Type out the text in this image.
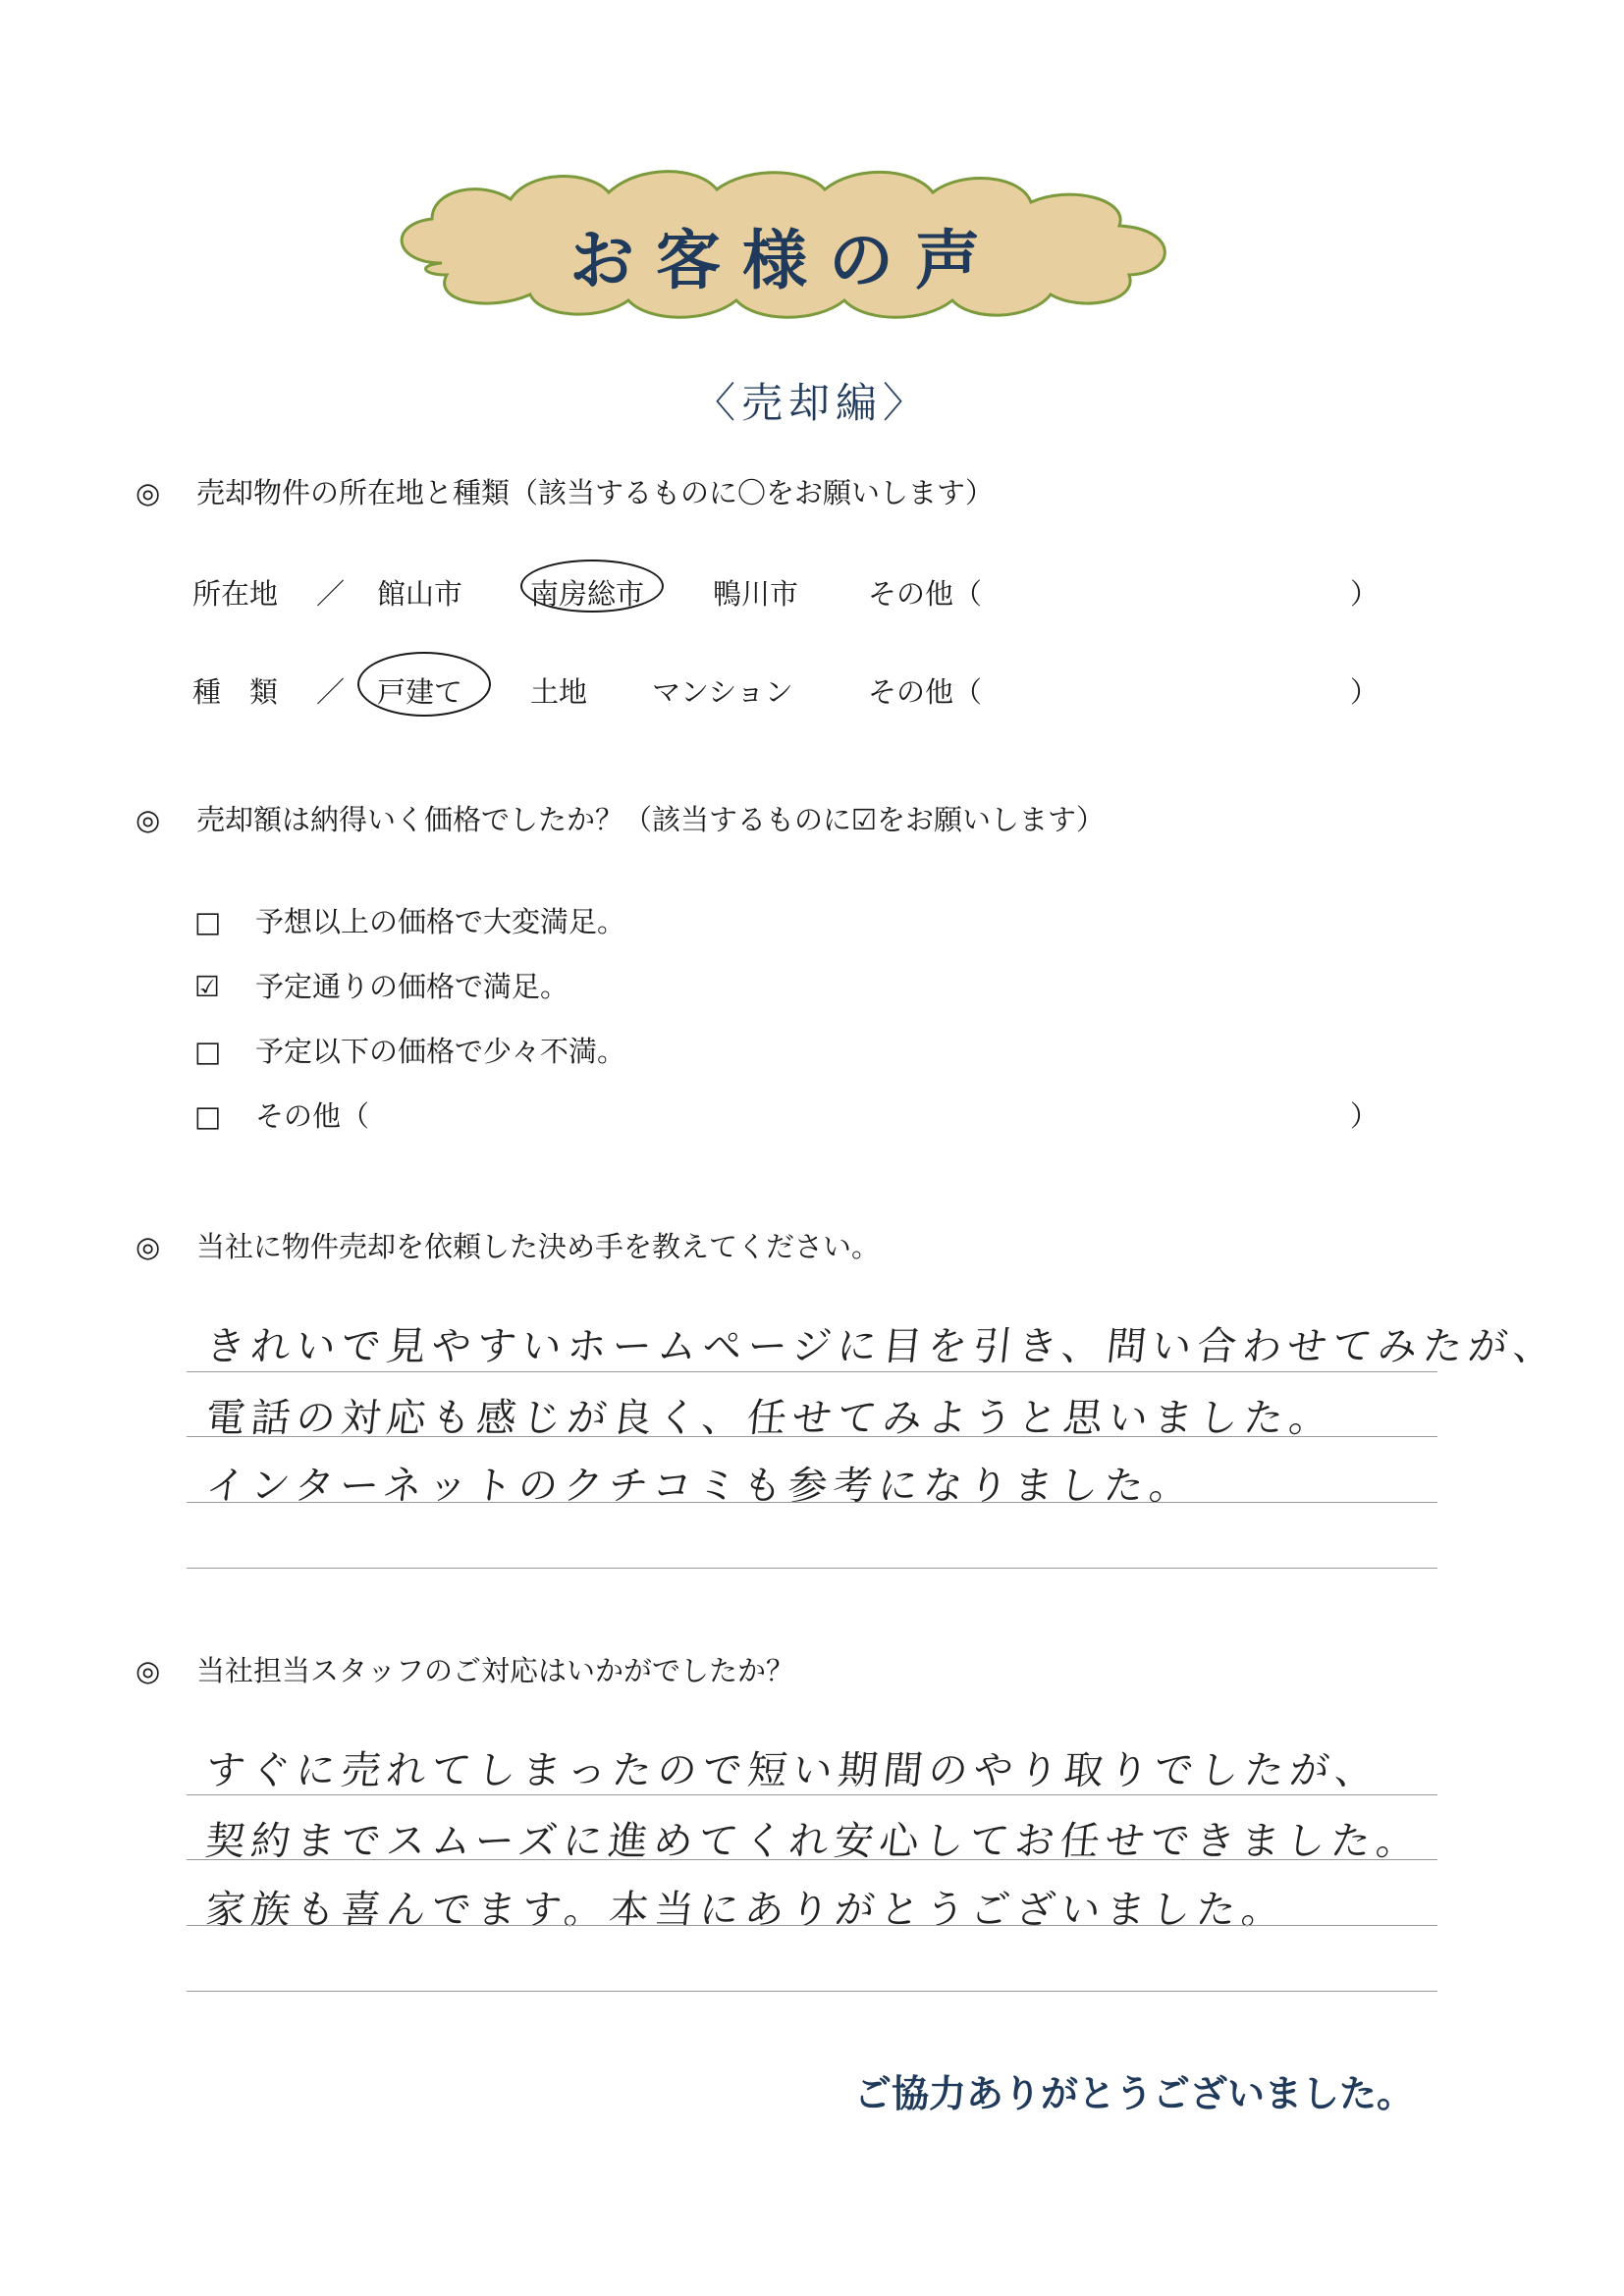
お客様の声
〈売却編〉
◎ 売却物件の所在地と種類（該当するものに〇をお願いします）
所在地 ／ 館山市 南房総市 鴨川市 その他（	）
種　類 ／ 戸建て 土地 マンション	その他（	）
◎ 売却額は納得いく価格でしたか？（該当するものに☑をお願いします）
□ 予想以上の価格で大変満足。
☑ 予定通りの価格で満足。
□ 予定以下の価格で少々不満。
□ その他（	）
◎ 当社に物件売却を依頼した決め手を教えてください。
きれいで見やすいホームページに目を引き、問い合わせてみたが、
電話の対応も感じが良く、任せてみようと思いました。
インターネットのクチコミも参考になりました。
◎ 当社担当スタッフのご対応はいかがでしたか？
すぐに売れてしまったので短い期間のやり取りでしたが、
契約までスムーズに進めてくれ安心してお任せできました。
家族も喜んでます。本当にありがとうございました。
ご協力ありがとうございました。
